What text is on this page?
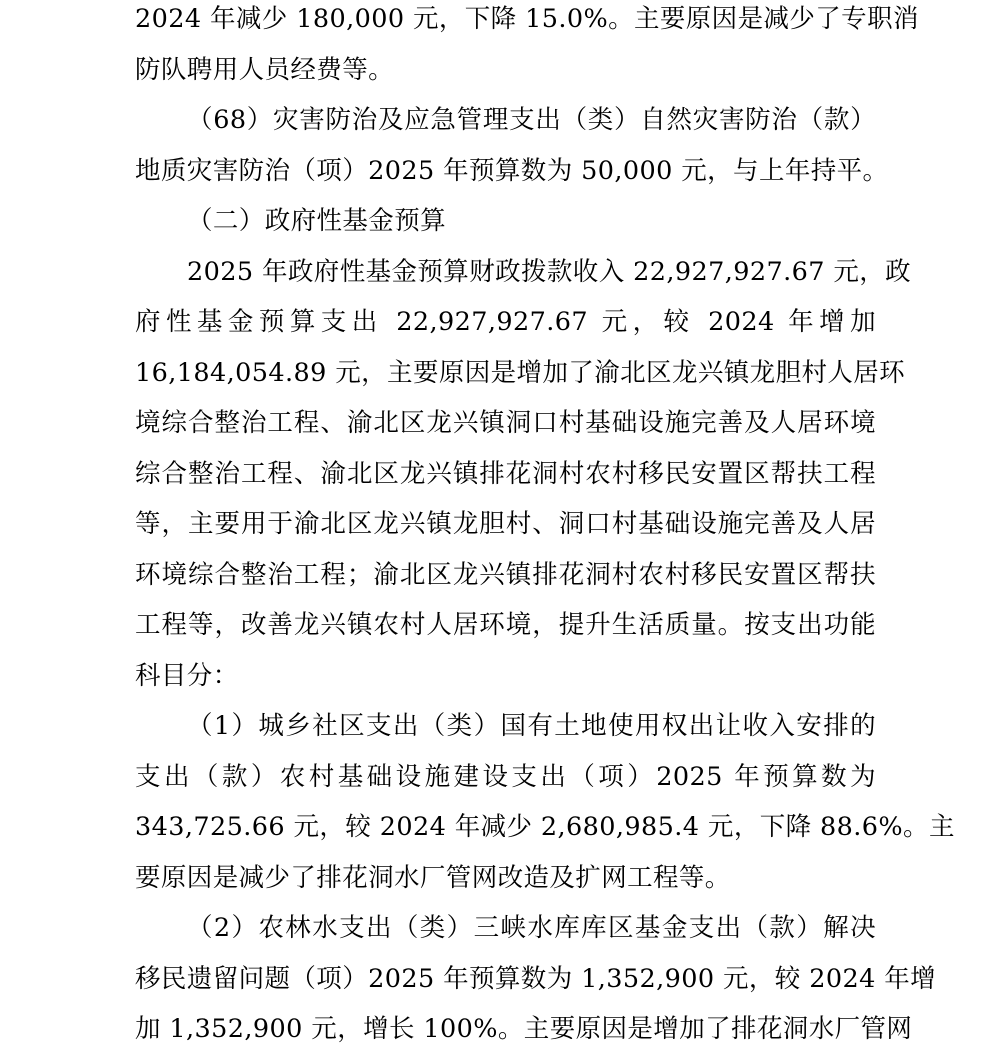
2024 年减少 180,000 元，下降 15.0%。主要原因是减少了专职消
防队聘用人员经费等。
（68）灾害防治及应急管理支出（类）自然灾害防治（款）
地质灾害防治（项）2025 年预算数为 50,000 元，与上年持平。
（二）政府性基金预算
2025 年政府性基金预算财政拨款收入 22,927,927.67 元，政
府性基金预算支出 22,927,927.67 元，较 2024 年增加
16,184,054.89 元，主要原因是增加了渝北区龙兴镇龙胆村人居环
境综合整治工程、渝北区龙兴镇洞口村基础设施完善及人居环境
综合整治工程、渝北区龙兴镇排花洞村农村移民安置区帮扶工程
等，主要用于渝北区龙兴镇龙胆村、洞口村基础设施完善及人居
环境综合整治工程；渝北区龙兴镇排花洞村农村移民安置区帮扶
工程等，改善龙兴镇农村人居环境，提升生活质量。按支出功能
科目分：
（1）城乡社区支出（类）国有土地使用权出让收入安排的
支出（款）农村基础设施建设支出（项）2025 年预算数为
343,725.66 元，较 2024 年减少 2,680,985.4 元，下降 88.6%。主
要原因是减少了排花洞水厂管网改造及扩网工程等。
（2）农林水支出（类）三峡水库库区基金支出（款）解决
移民遗留问题（项）2025 年预算数为 1,352,900 元，较 2024 年增
加 1,352,900 元，增长 100%。主要原因是增加了排花洞水厂管网
